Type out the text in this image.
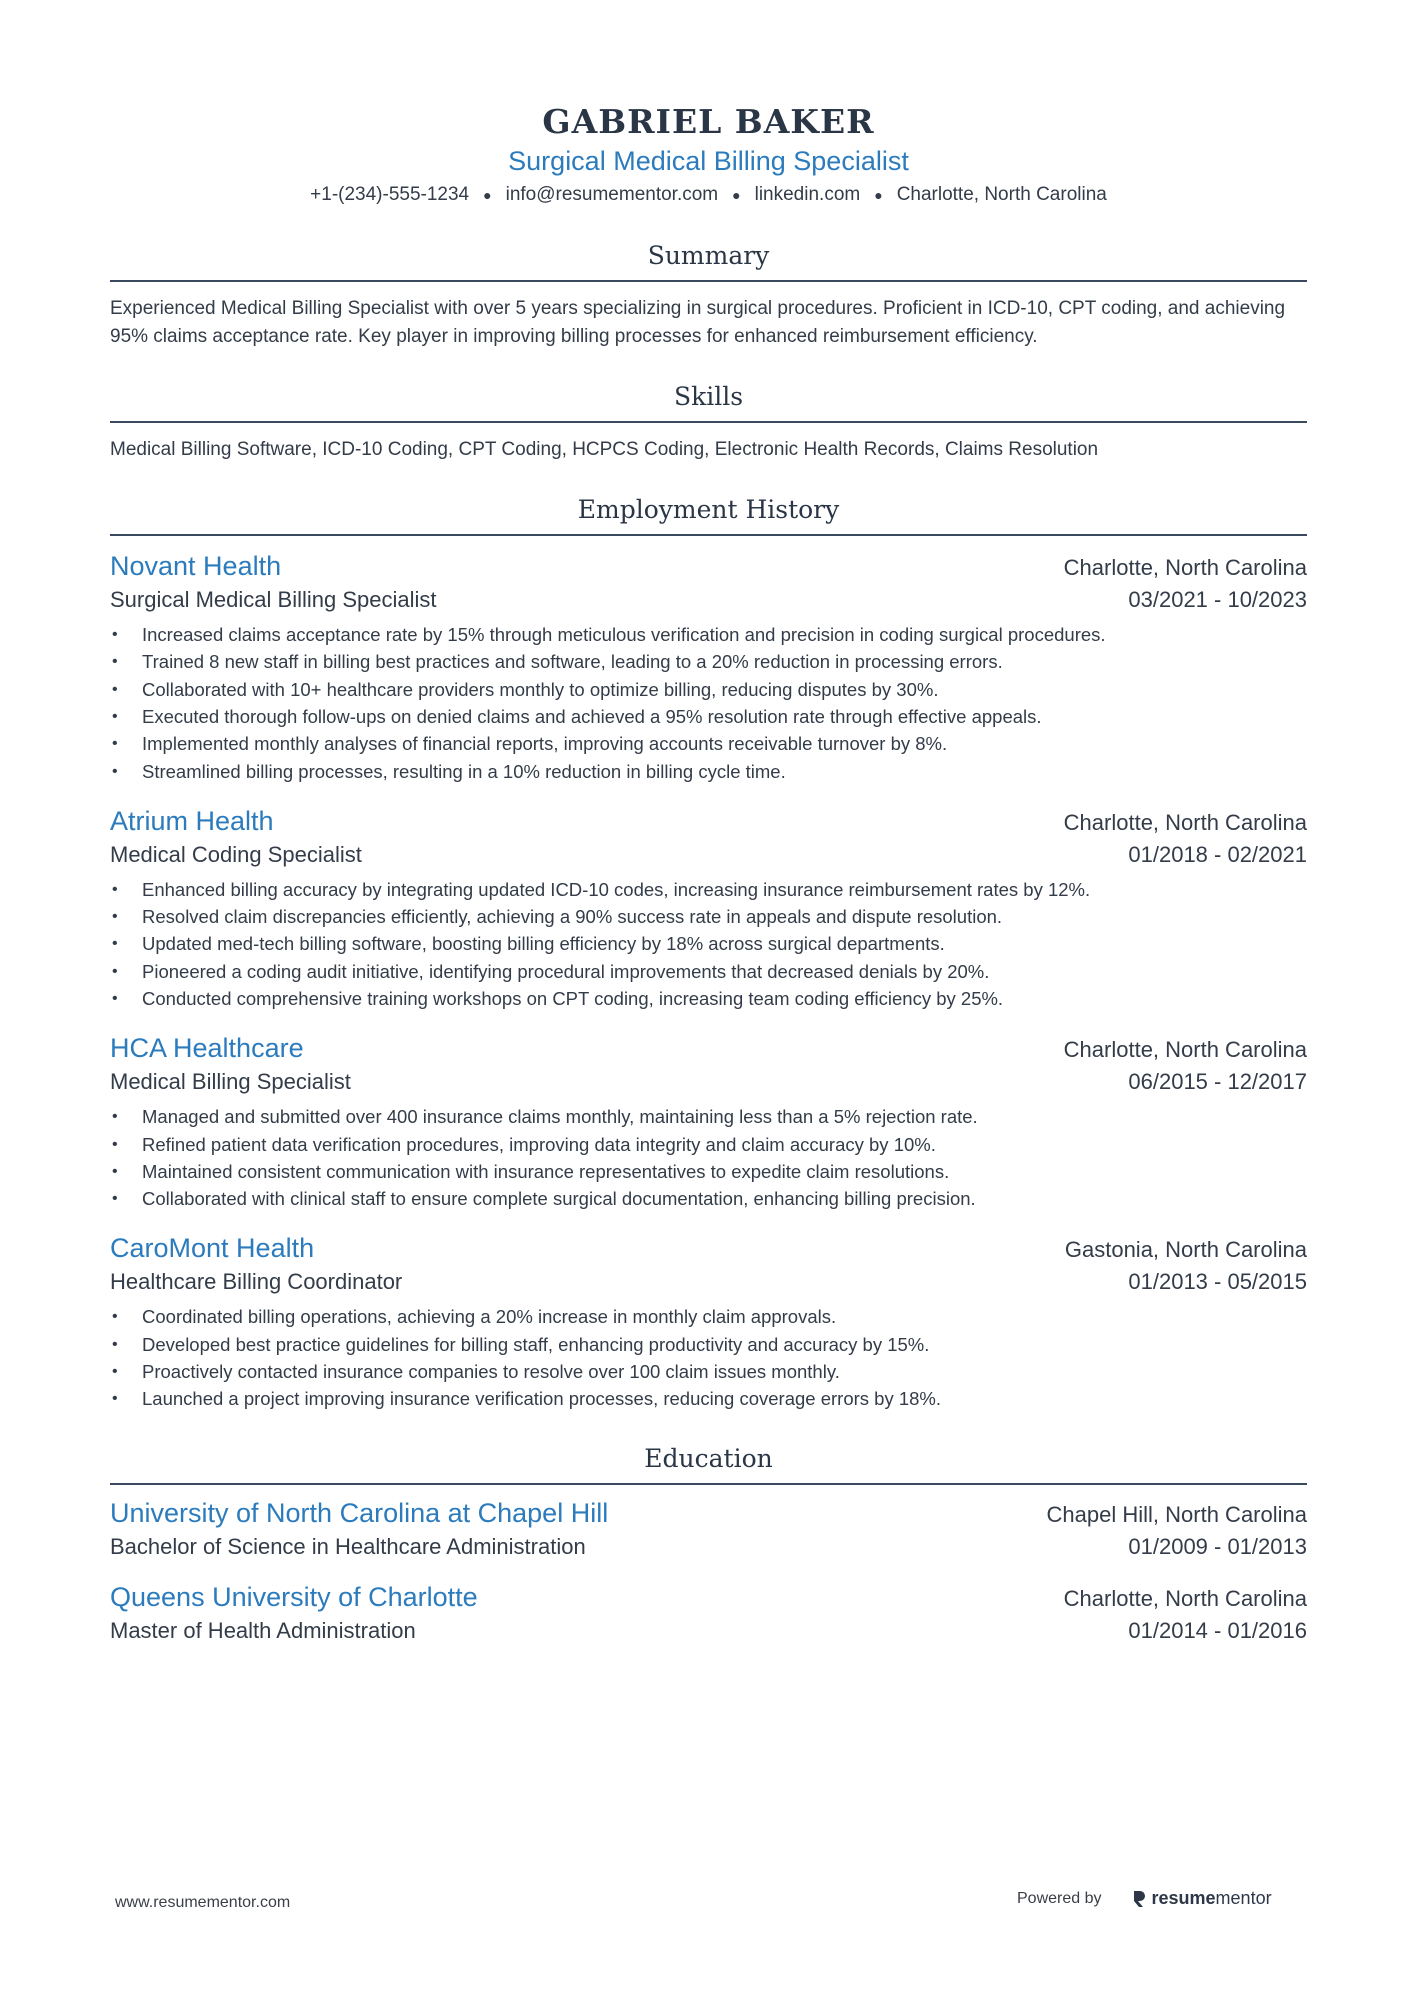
GABRIEL BAKER
Surgical Medical Billing Specialist
+1-(234)-555-1234 ● info@resumementor.com ● linkedin.com ● Charlotte, North Carolina
Summary
Experienced Medical Billing Specialist with over 5 years specializing in surgical procedures. Proficient in ICD-10, CPT coding, and achieving 95% claims acceptance rate. Key player in improving billing processes for enhanced reimbursement efficiency.
Skills
Medical Billing Software, ICD-10 Coding, CPT Coding, HCPCS Coding, Electronic Health Records, Claims Resolution
Employment History
Novant Health	Charlotte, North Carolina
Surgical Medical Billing Specialist	03/2021 - 10/2023
• Increased claims acceptance rate by 15% through meticulous verification and precision in coding surgical procedures.
• Trained 8 new staff in billing best practices and software, leading to a 20% reduction in processing errors.
• Collaborated with 10+ healthcare providers monthly to optimize billing, reducing disputes by 30%.
• Executed thorough follow-ups on denied claims and achieved a 95% resolution rate through effective appeals.
• Implemented monthly analyses of financial reports, improving accounts receivable turnover by 8%.
• Streamlined billing processes, resulting in a 10% reduction in billing cycle time.
Atrium Health	Charlotte, North Carolina
Medical Coding Specialist	01/2018 - 02/2021
• Enhanced billing accuracy by integrating updated ICD-10 codes, increasing insurance reimbursement rates by 12%.
• Resolved claim discrepancies efficiently, achieving a 90% success rate in appeals and dispute resolution.
• Updated med-tech billing software, boosting billing efficiency by 18% across surgical departments.
• Pioneered a coding audit initiative, identifying procedural improvements that decreased denials by 20%.
• Conducted comprehensive training workshops on CPT coding, increasing team coding efficiency by 25%.
HCA Healthcare	Charlotte, North Carolina
Medical Billing Specialist	06/2015 - 12/2017
• Managed and submitted over 400 insurance claims monthly, maintaining less than a 5% rejection rate.
• Refined patient data verification procedures, improving data integrity and claim accuracy by 10%.
• Maintained consistent communication with insurance representatives to expedite claim resolutions.
• Collaborated with clinical staff to ensure complete surgical documentation, enhancing billing precision.
CaroMont Health	Gastonia, North Carolina
Healthcare Billing Coordinator	01/2013 - 05/2015
• Coordinated billing operations, achieving a 20% increase in monthly claim approvals.
• Developed best practice guidelines for billing staff, enhancing productivity and accuracy by 15%.
• Proactively contacted insurance companies to resolve over 100 claim issues monthly.
• Launched a project improving insurance verification processes, reducing coverage errors by 18%.
Education
University of North Carolina at Chapel Hill	Chapel Hill, North Carolina
Bachelor of Science in Healthcare Administration	01/2009 - 01/2013
Queens University of Charlotte	Charlotte, North Carolina
Master of Health Administration	01/2014 - 01/2016
www.resumementor.com	Powered by	resume mentor
